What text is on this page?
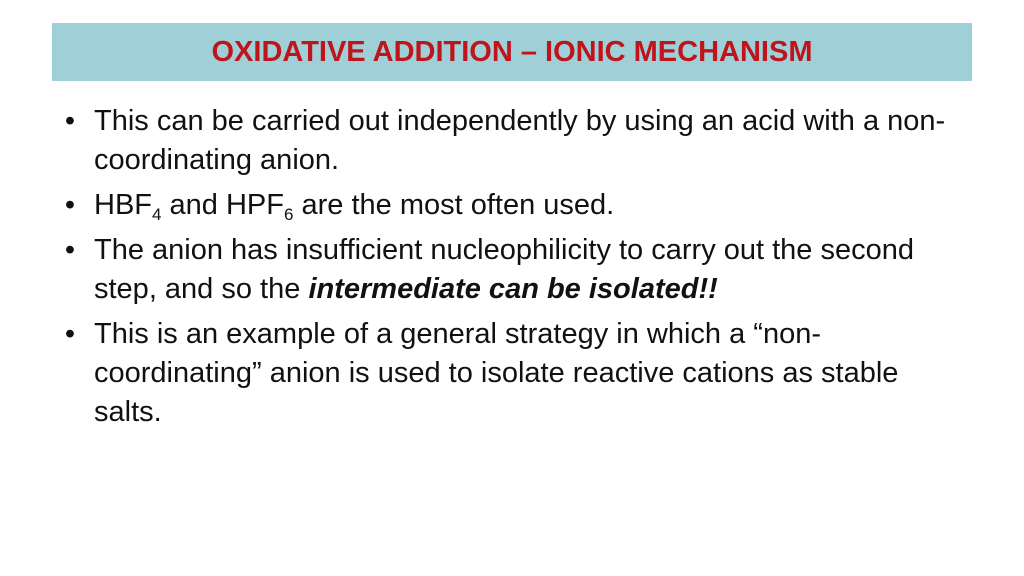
OXIDATIVE ADDITION – IONIC MECHANISM
• This can be carried out independently by using an acid with a non-coordinating anion.
• $HBF_4$ and $HPF_6$ are the most often used.
• The anion has insufficient nucleophilicity to carry out the second step, and so the intermediate can be isolated!!
• This is an example of a general strategy in which a “non-coordinating” anion is used to isolate reactive cations as stable salts.
